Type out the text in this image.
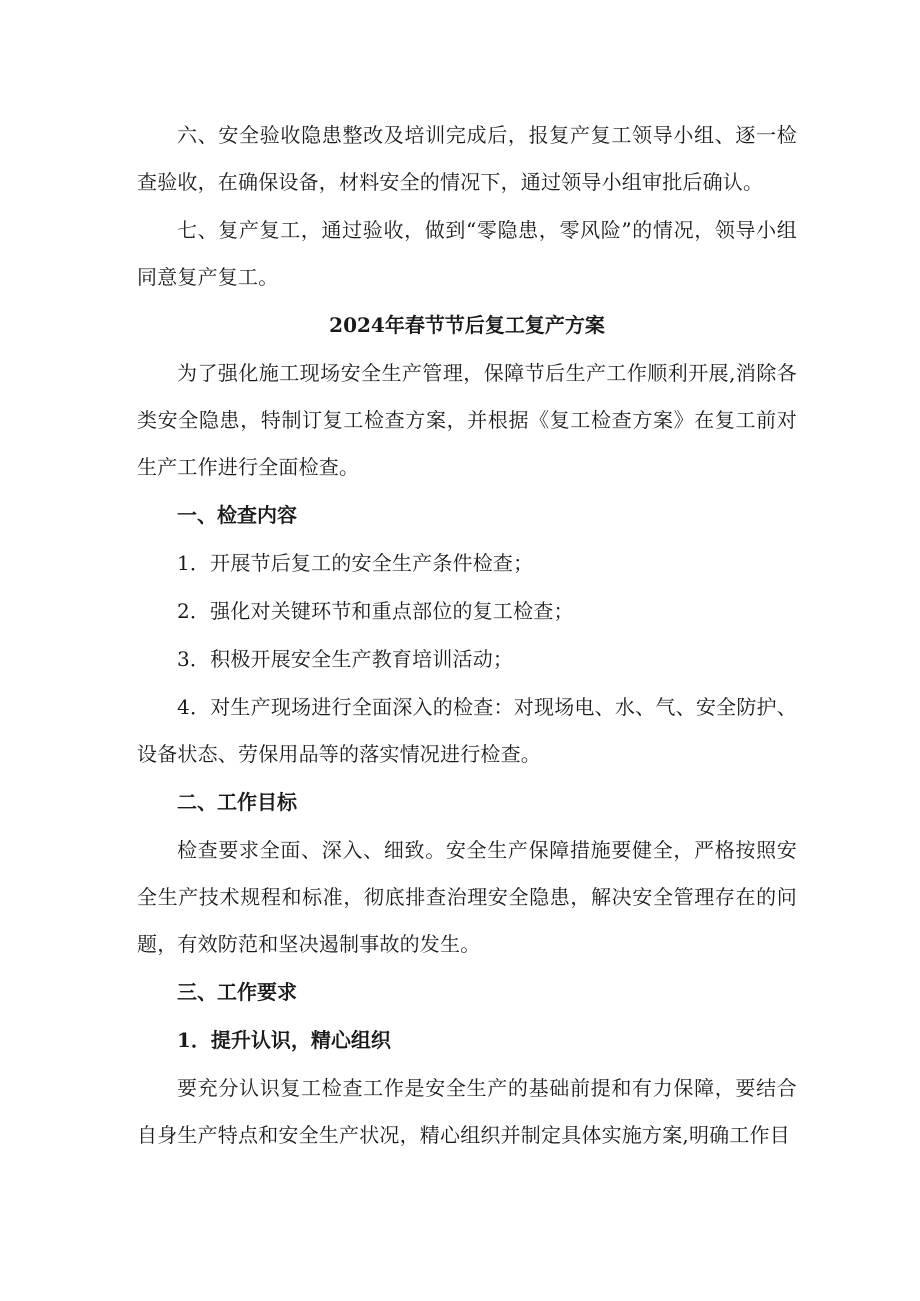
六、安全验收隐患整改及培训完成后，报复产复工领导小组、逐一检查验收，在确保设备，材料安全的情况下，通过领导小组审批后确认。

七、复产复工，通过验收，做到“零隐患，零风险”的情况，领导小组同意复产复工。

2024年春节节后复工复产方案

为了强化施工现场安全生产管理，保障节后生产工作顺利开展,消除各类安全隐患，特制订复工检查方案，并根据《复工检查方案》在复工前对生产工作进行全面检查。

一、检查内容

1．开展节后复工的安全生产条件检查；

2．强化对关键环节和重点部位的复工检查；

3．积极开展安全生产教育培训活动；

4．对生产现场进行全面深入的检查：对现场电、水、气、安全防护、设备状态、劳保用品等的落实情况进行检查。

二、工作目标

检查要求全面、深入、细致。安全生产保障措施要健全，严格按照安全生产技术规程和标准，彻底排查治理安全隐患，解决安全管理存在的问题，有效防范和坚决遏制事故的发生。

三、工作要求

1．提升认识，精心组织

要充分认识复工检查工作是安全生产的基础前提和有力保障，要结合自身生产特点和安全生产状况，精心组织并制定具体实施方案,明确工作目
